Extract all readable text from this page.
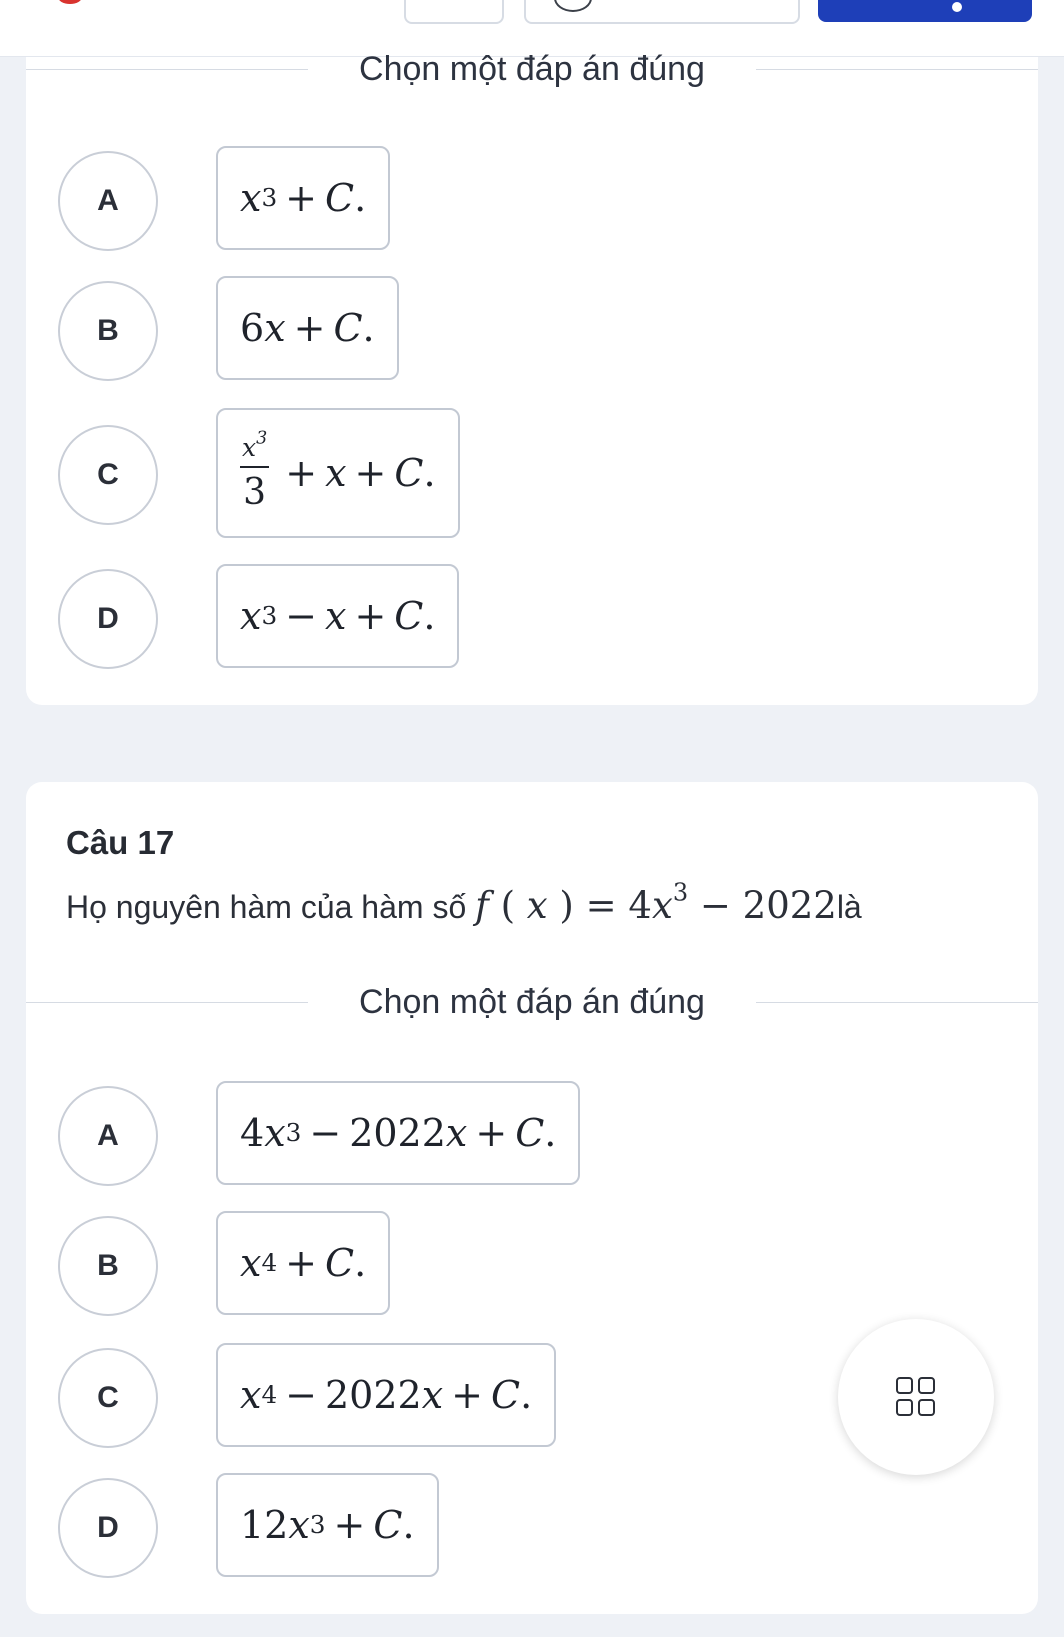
Chọn một đáp án đúng
A	x 3 + C .
B	6 x + C .
C	$\frac{x^3}{3} + x + C$ .
D	x 3 − x + C .
Câu 17
Họ nguyên hàm của hàm số f ( x ) = $4x^3$ − 2022là
Chọn một đáp án đúng
A	4 x 3 − 2022 x + C .
B	x 4 + C .
C	x 4 − 2022 x + C .
D	12 x 3 + C .
